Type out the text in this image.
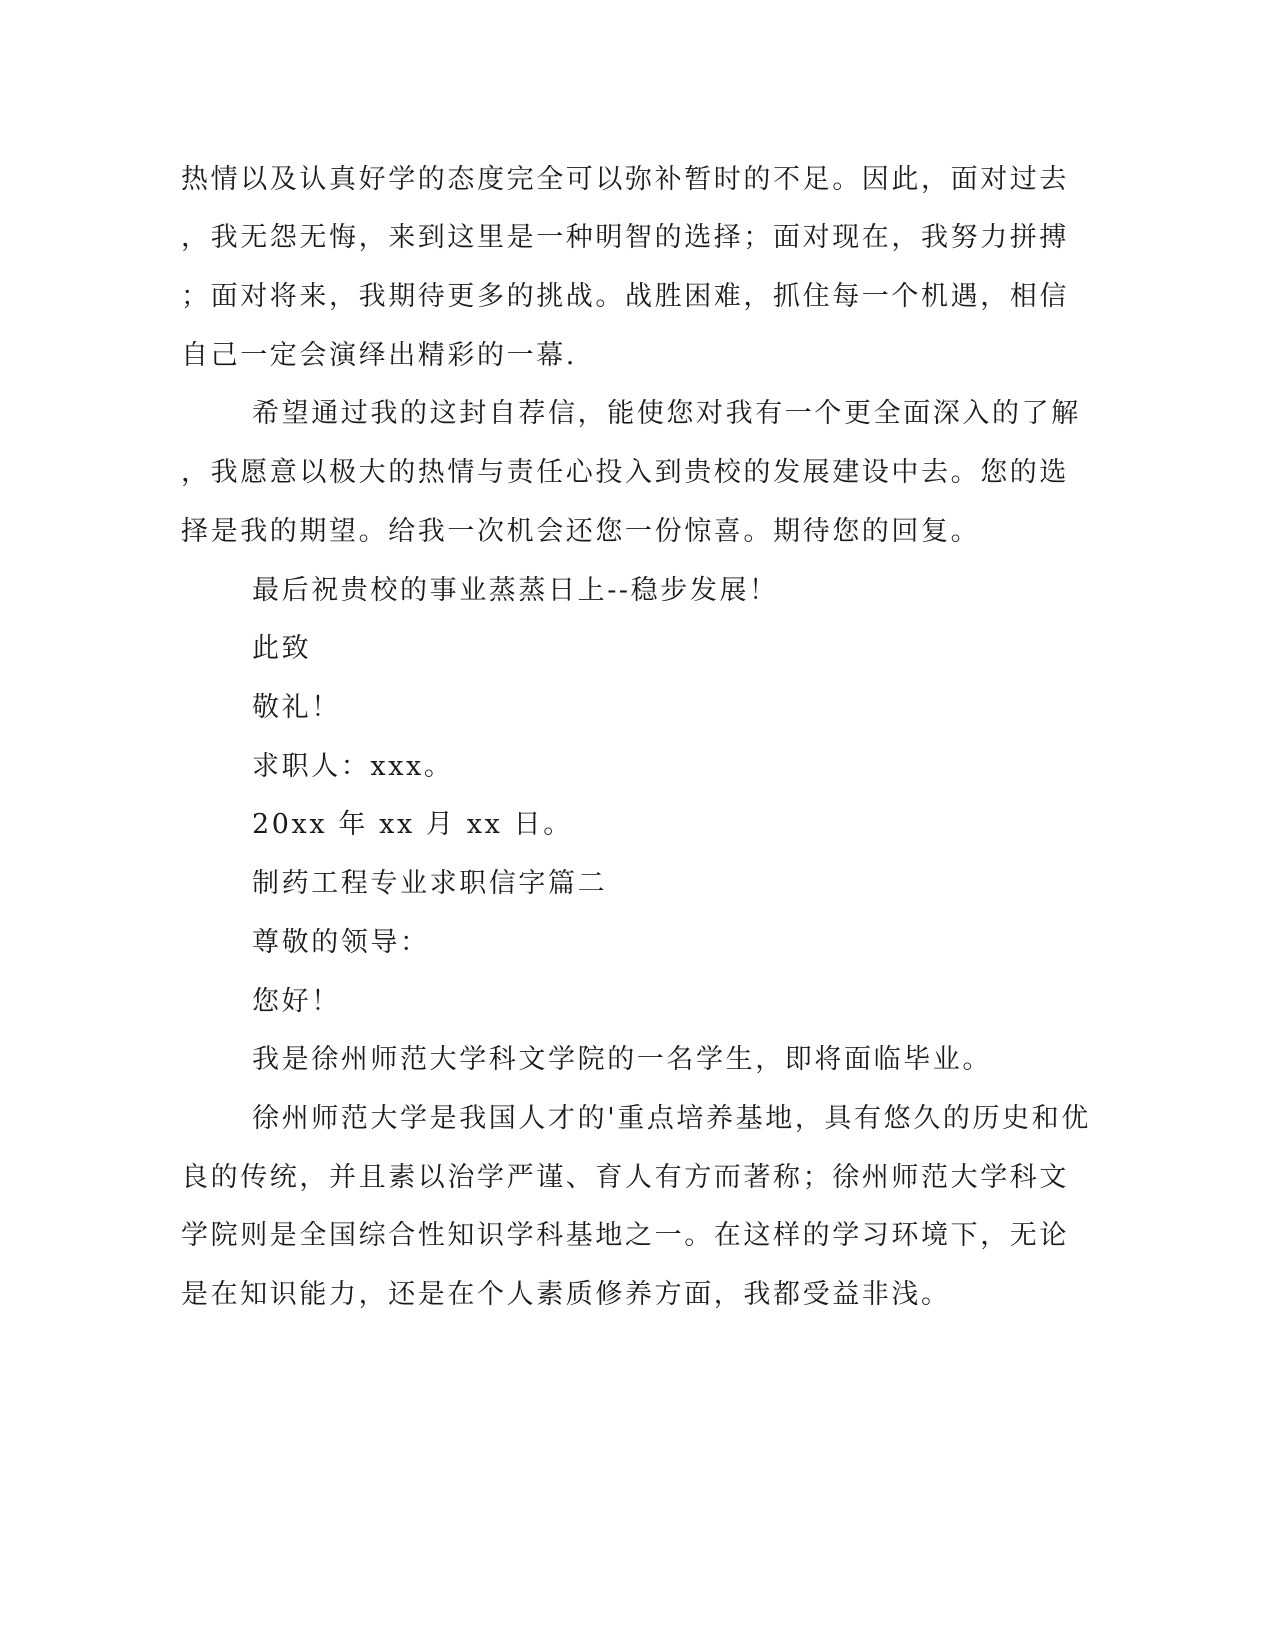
热情以及认真好学的态度完全可以弥补暂时的不足。因此，面对过去
，我无怨无悔，来到这里是一种明智的选择；面对现在，我努力拼搏
；面对将来，我期待更多的挑战。战胜困难，抓住每一个机遇，相信
自己一定会演绎出精彩的一幕.
希望通过我的这封自荐信，能使您对我有一个更全面深入的了解
，我愿意以极大的热情与责任心投入到贵校的发展建设中去。您的选
择是我的期望。给我一次机会还您一份惊喜。期待您的回复。
最后祝贵校的事业蒸蒸日上--稳步发展！
此致
敬礼！
求职人：xxx。
20xx 年 xx 月 xx 日。
制药工程专业求职信字篇二
尊敬的领导：
您好！
我是徐州师范大学科文学院的一名学生，即将面临毕业。
徐州师范大学是我国人才的'重点培养基地，具有悠久的历史和优
良的传统，并且素以治学严谨、育人有方而著称；徐州师范大学科文
学院则是全国综合性知识学科基地之一。在这样的学习环境下，无论
是在知识能力，还是在个人素质修养方面，我都受益非浅。
